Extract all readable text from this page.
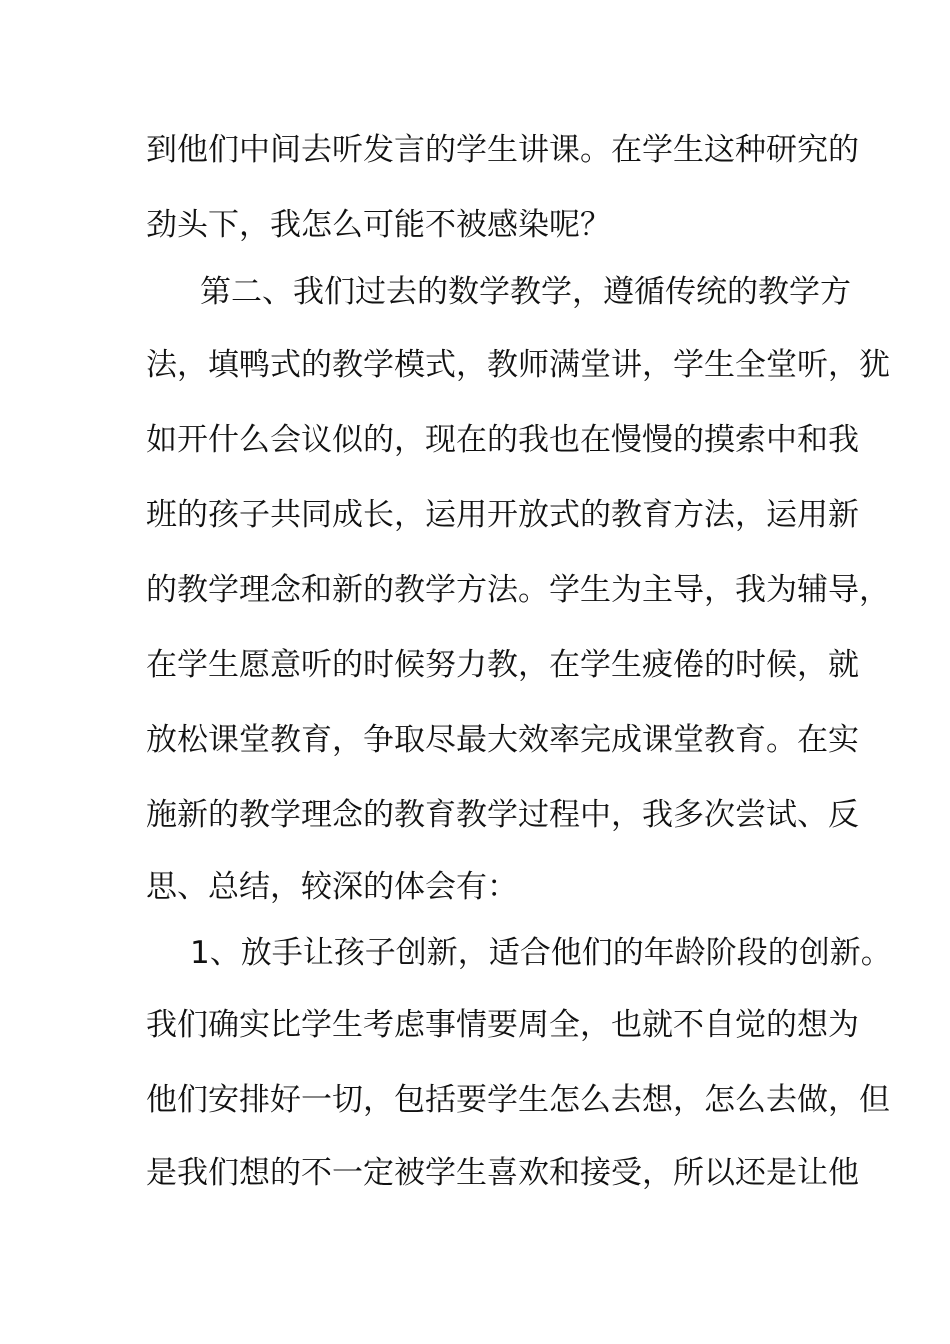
到他们中间去听发言的学生讲课。在学生这种研究的
劲头下，我怎么可能不被感染呢？
第二、我们过去的数学教学，遵循传统的教学方
法，填鸭式的教学模式，教师满堂讲，学生全堂听，犹
如开什么会议似的，现在的我也在慢慢的摸索中和我
班的孩子共同成长，运用开放式的教育方法，运用新
的教学理念和新的教学方法。学生为主导，我为辅导，
在学生愿意听的时候努力教，在学生疲倦的时候，就
放松课堂教育，争取尽最大效率完成课堂教育。在实
施新的教学理念的教育教学过程中，我多次尝试、反
思、总结，较深的体会有：
1、放手让孩子创新，适合他们的年龄阶段的创新。
我们确实比学生考虑事情要周全，也就不自觉的想为
他们安排好一切，包括要学生怎么去想，怎么去做，但
是我们想的不一定被学生喜欢和接受，所以还是让他
